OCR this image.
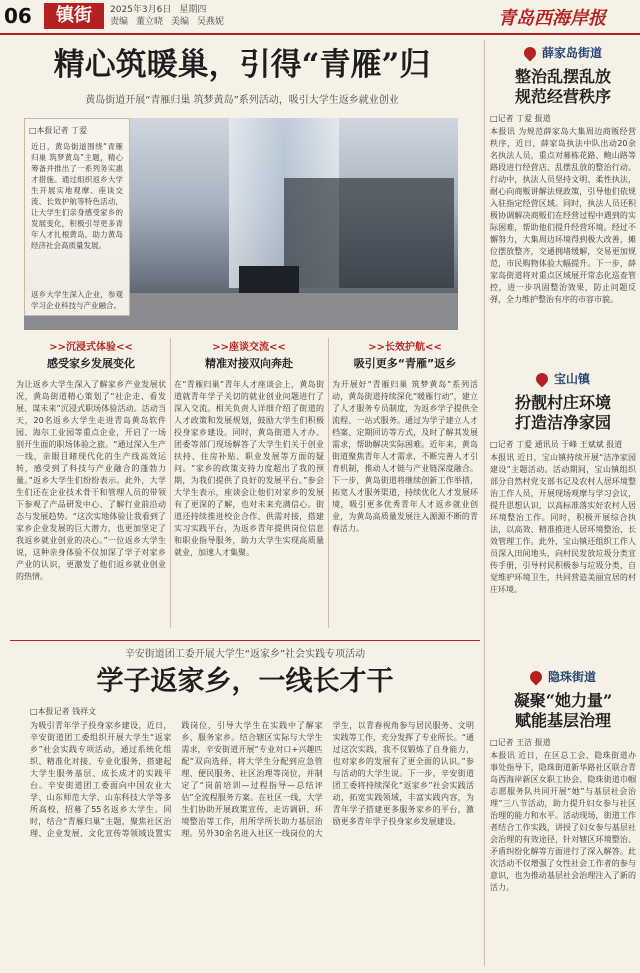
06	镇街	2025年3月6日 星期四
责编 董立晓 美编 吴燕妮	青岛西海岸报
精心筑暖巢，引得“青雁”归
黄岛街道开展“青雁归巢 筑梦黄岛”系列活动，吸引大学生返乡就业创业
□本报记者 丁爱
近日，黄岛街道围绕“青雁归巢 筑梦黄岛”主题，精心筹备并推出了一系列务实惠才措施。通过组织返乡大学生开展实地观摩、座谈交流、长效护航等特色活动，让大学生们亲身感受家乡的发展变化，积极引导更多青年人才扎根黄岛，助力黄岛经济社会高质量发展。
返乡大学生深入企业，参观学习企业科技与产业融合。
>>沉浸式体验<<
感受家乡发展变化
为让返乡大学生深入了解家乡产业发展状况，黄岛街道精心策划了“社企走、看发展、谋未来”沉浸式职场体验活动。活动当天，20名返乡大学生走进青岛黄岛软件园、海尔工业园等重点企业，开启了一场别开生面的职场体验之旅。“通过深入生产一线，亲眼目睹现代化的生产线高效运转，感受到了科技与产业融合的蓬勃力量。”返乡大学生们纷纷表示。此外，大学生们还在企业技术骨干和管理人员的带领下参观了产品研发中心、了解行业前沿动态与发展趋势。“这次实地体验让我看到了家乡企业发展的巨大潜力，也更加坚定了我返乡就业创业的决心。”一位返乡大学生说，这种亲身体验不仅加深了学子对家乡产业的认识，更激发了他们返乡就业创业的热情。
>>座谈交流<<
精准对接双向奔赴
在“青雁归巢”青年人才座谈会上，黄岛街道就青年学子关切的就业创业问题进行了深入交流。相关负责人详细介绍了街道的人才政策和发展规划，鼓励大学生们积极投身家乡建设。同时，黄岛街道人才办、团委等部门现场解答了大学生们关于创业扶持、住房补贴、职业发展等方面的疑问。“家乡的政策支持力度超出了我的预期，为我们提供了良好的发展平台。”参会大学生表示，座谈会让他们对家乡的发展有了更深的了解，也对未来充满信心。街道还持续推进校企合作、供需对接，搭建实习实践平台，为返乡青年提供岗位信息和职业指导服务，助力大学生实现高质量就业，加速人才集聚。
>>长效护航<<
吸引更多“青雁”返乡
为开展好“青雁归巢 筑梦黄岛”系列活动，黄岛街道持续深化“暖雁行动”，建立了人才服务专员制度，为返乡学子提供全流程、一站式服务。通过为学子建立人才档案、定期回访等方式，及时了解其发展需求，帮助解决实际困难。近年来，黄岛街道聚焦青年人才需求，不断完善人才引育机制，推动人才链与产业链深度融合。下一步，黄岛街道将继续创新工作举措，拓宽人才服务渠道，持续优化人才发展环境，吸引更多优秀青年人才返乡就业创业，为黄岛高质量发展注入源源不断的青春活力。
辛安街道团工委开展大学生“返家乡”社会实践专项活动
学子返家乡，一线长才干
□本报记者 钱祥文
为吸引青年学子投身家乡建设，近日，辛安街道团工委组织开展大学生“返家乡”社会实践专项活动，通过系统化组织、精准化对接、专业化服务，搭建起大学生服务基层、成长成才的实践平台。辛安街道团工委面向中国农业大学、山东师范大学、山东科技大学等多所高校，招募了55名返乡大学生。同时，结合“青雁归巢”主题，聚焦社区治理、企业发展、文化宣传等领域设置实践岗位，引导大学生在实践中了解家乡、服务家乡。结合辖区实际与大学生需求，辛安街道开展“专业对口+兴趣匹配”双向选择，将大学生分配到应急管理、便民服务、社区治理等岗位，并制定了“岗前培训—过程指导—总结评估”全流程服务方案。在社区一线，大学生们协助开展政策宣传、走访调研、环境整治等工作，用所学所长助力基层治理。另外30余名进入社区一线岗位的大学生，以青春视角参与居民服务、文明实践等工作，充分发挥了专业所长。“通过这次实践，我不仅锻炼了自身能力，也对家乡的发展有了更全面的认识。”参与活动的大学生说。下一步，辛安街道团工委将持续深化“返家乡”社会实践活动，拓宽实践领域，丰富实践内容，为青年学子搭建更多服务家乡的平台，激励更多青年学子投身家乡发展建设。
薛家岛街道
整治乱摆乱放
规范经营秩序
□记者 丁爱 报道
本报讯 为规范薛家岛大集周边商贩经营秩序，近日，薛家岛执法中队出动20余名执法人员，重点对募栋花路、鲍山路等路段进行经营店、乱摆乱放的整治行动。行动中，执法人员坚持文明、柔性执法，耐心向商贩讲解法规政策，引导他们依规入驻指定经营区域。同时，执法人员还积极协调解决商贩们在经营过程中遇到的实际困难，帮助他们提升经营环境。经过不懈努力，大集周边环境得到极大改善，摊位摆放整齐，交通拥堵缓解，交易更加规范，市民购物体验大幅提升。下一步，薛家岛街道将对重点区域展开常态化巡查管控，进一步巩固整治效果，防止问题反弹，全力维护整治有序的市容市貌。
宝山镇
扮靓村庄环境
打造洁净家园
□记者 丁爱 通讯员 于峰 王斌斌 报道
本报讯 近日，宝山镇持续开展“洁净家园建设”主题活动。活动期间，宝山镇组织部分自然村党支部书记及农村人居环境整治工作人员，开展现场观摩与学习会议，提升思想认识，以高标准落实好农村人居环境整治工作。同时，积极开展综合执法，以高效、精准推进人居环境整治、长效管理工作。此外，宝山镇还组织工作人员深入田间地头，向村民发放垃圾分类宣传手册，引导村民积极参与垃圾分类，自觉维护环境卫生，共同营造美丽宜居的村庄环境。
隐珠街道
凝聚“她力量”
赋能基层治理
□记者 王洁 报道
本报讯 近日，在区总工会、隐珠街道办事处指导下，隐珠街道新华路社区联合青岛西海岸新区女职工协会、隐珠街道巾帼志愿服务队共同开展“她”与基层社会治理”三八节活动，助力提升妇女参与社区治理的能力和水平。活动现场，街道工作者结合工作实践，讲授了妇女参与基层社会治理的有效途径，针对辖区环境整治、矛盾纠纷化解等方面进行了深入解答。此次活动不仅增强了女性社会工作者的参与意识，也为推动基层社会治理注入了新的活力。
